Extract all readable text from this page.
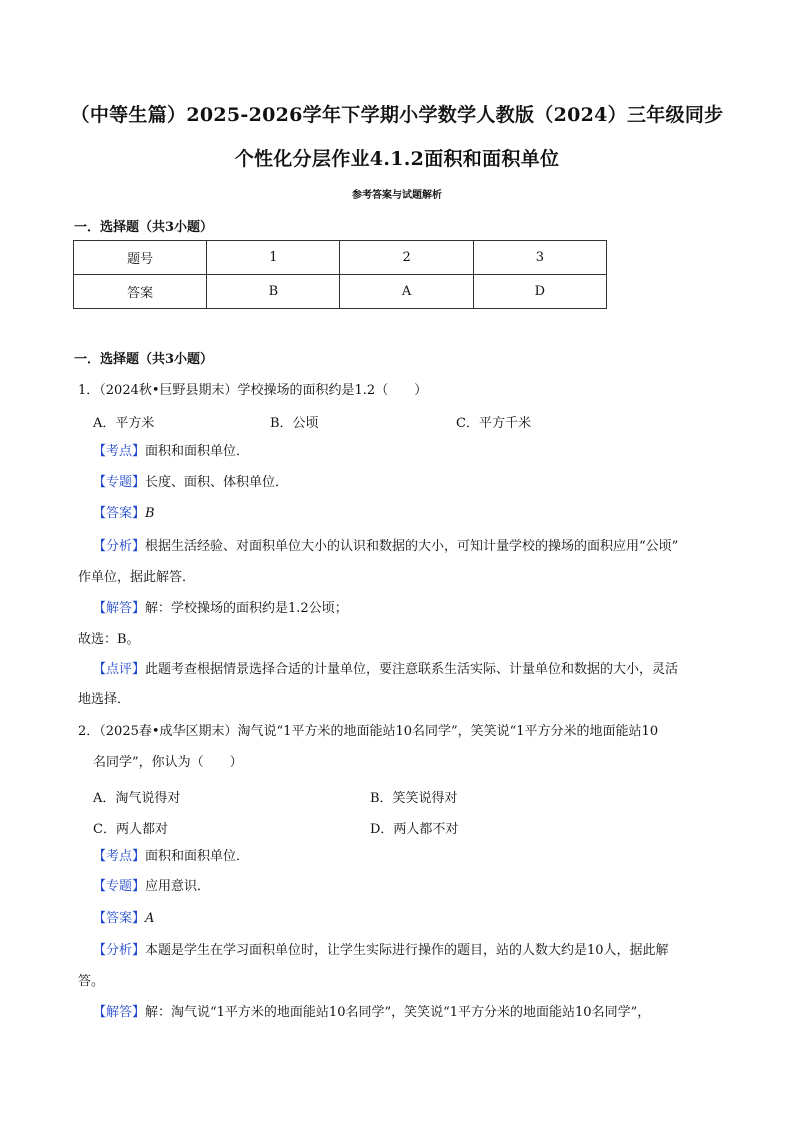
（中等生篇）2025-2026学年下学期小学数学人教版（2024）三年级同步
个性化分层作业4.1.2面积和面积单位
参考答案与试题解析
一．选择题（共3小题）
题号	1	2	3
答案	B	A	D
一．选择题（共3小题）
1．（2024秋•巨野县期末）学校操场的面积约是1.2（　　）
A．平方米	B．公顷	C．平方千米
【考点】面积和面积单位．
【专题】长度、面积、体积单位．
【答案】B
【分析】根据生活经验、对面积单位大小的认识和数据的大小，可知计量学校的操场的面积应用“公顷”
作单位，据此解答．
【解答】解：学校操场的面积约是1.2公顷；
故选：B。
【点评】此题考查根据情景选择合适的计量单位，要注意联系生活实际、计量单位和数据的大小，灵活
地选择．
2．（2025春•成华区期末）淘气说“1平方米的地面能站10名同学”，笑笑说“1平方分米的地面能站10
名同学”，你认为（　　）
A．淘气说得对	B．笑笑说得对
C．两人都对	D．两人都不对
【考点】面积和面积单位．
【专题】应用意识．
【答案】A
【分析】本题是学生在学习面积单位时，让学生实际进行操作的题目，站的人数大约是10人，据此解
答。
【解答】解：淘气说“1平方米的地面能站10名同学”，笑笑说“1平方分米的地面能站10名同学”，
